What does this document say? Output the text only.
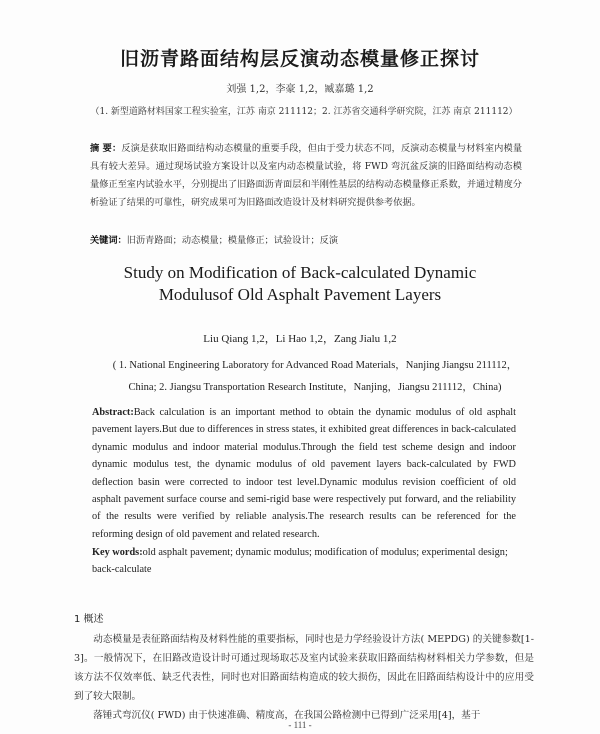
旧沥青路面结构层反演动态模量修正探讨
刘强 1,2，李豪 1,2，臧嘉璐 1,2
（1. 新型道路材料国家工程实验室，江苏 南京 211112；2. 江苏省交通科学研究院，江苏 南京 211112）
摘 要：反演是获取旧路面结构动态模量的重要手段，但由于受力状态不同，反演动态模量与材料室内模量具有较大差异。通过现场试验方案设计以及室内动态模量试验，将 FWD 弯沉盆反演的旧路面结构动态模量修正至室内试验水平，分别提出了旧路面沥青面层和半刚性基层的结构动态模量修正系数，并通过精度分析验证了结果的可靠性，研究成果可为旧路面改造设计及材料研究提供参考依据。
关键词：旧沥青路面；动态模量；模量修正；试验设计；反演
Study on Modification of Back-calculated Dynamic
Modulusof Old Asphalt Pavement Layers
Liu Qiang 1,2，Li Hao 1,2，Zang Jialu 1,2
( 1. National Engineering Laboratory for Advanced Road Materials，Nanjing Jiangsu 211112，
China; 2. Jiangsu Transportation Research Institute，Nanjing，Jiangsu 211112，China)
Abstract:Back calculation is an important method to obtain the dynamic modulus of old asphalt pavement layers.But due to differences in stress states, it exhibited great differences in back-calculated dynamic modulus and indoor material modulus.Through the field test scheme design and indoor dynamic modulus test, the dynamic modulus of old pavement layers back-calculated by FWD deflection basin were corrected to indoor test level.Dynamic modulus revision coefficient of old asphalt pavement surface course and semi-rigid base were respectively put forward, and the reliability of the results were verified by reliable analysis.The research results can be referenced for the reforming design of old pavement and related research.
Key words:old asphalt pavement; dynamic modulus; modification of modulus; experimental design; back-calculate
1 概述

动态模量是表征路面结构及材料性能的重要指标，同时也是力学经验设计方法( MEPDG) 的关键参数[1-3]。一般情况下，在旧路改造设计时可通过现场取芯及室内试验来获取旧路面结构材料相关力学参数，但是该方法不仅效率低、缺乏代表性，同时也对旧路面结构造成的较大损伤，因此在旧路面结构设计中的应用受到了较大限制。

落锤式弯沉仪( FWD) 由于快速准确、精度高，在我国公路检测中已得到广泛采用[4]，基于

- 111 -
